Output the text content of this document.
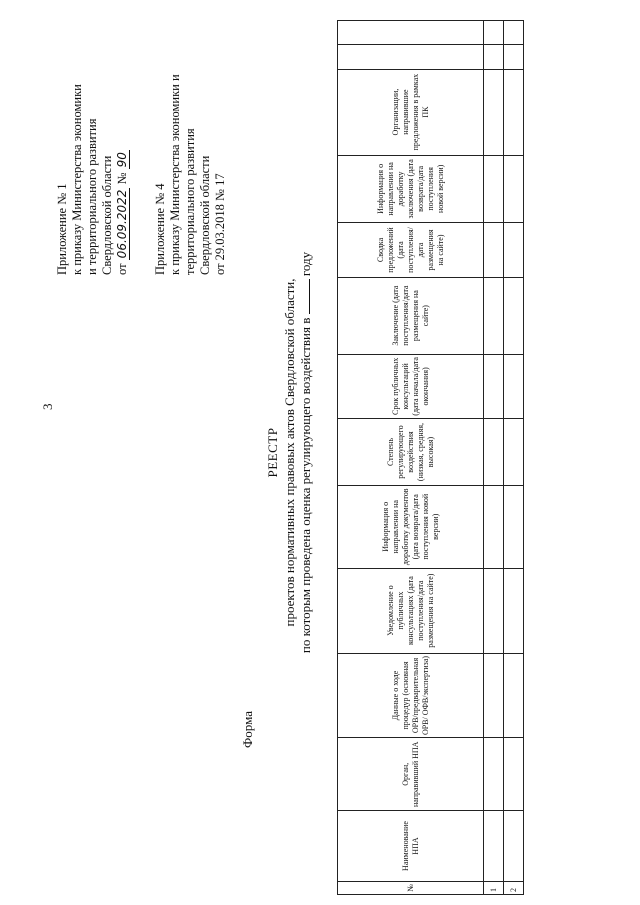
3
Приложение № 1 к приказу Министерства экономики и территориального развития Свердловской области от 06.09.2022 № 90
Приложение № 4 к приказу Министерства экономики и территориального развития Свердловской области от 29.03.2018 № 17
Форма
РЕЕСТР проектов нормативных правовых актов Свердловской области, по которым проведена оценка регулирующего воздействия в  году
№	Наименование НПА	Орган, направивший НПА	Данные о ходе процедур (основная ОРВ/предварительная ОРВ/ ОФВ/экспертиза)	Уведомление о публичных консультациях (дата поступления/дата размещения на сайте)	Информация о направлении на доработку документов (дата возврата/дата поступления новой версии)	Степень регулирующего воздействия (низкая, средняя, высокая)	Срок публичных консультаций (дата начала/дата окончания)	Заключение (дата поступления/дата размещения на сайте)	Сводка предложений (дата поступления/дата размещения на сайте)	Информация о направлении на доработку заключения (дата возврата/дата поступления новой версии)	Организации, направившие предложения в рамках ПК		
1													
2													
